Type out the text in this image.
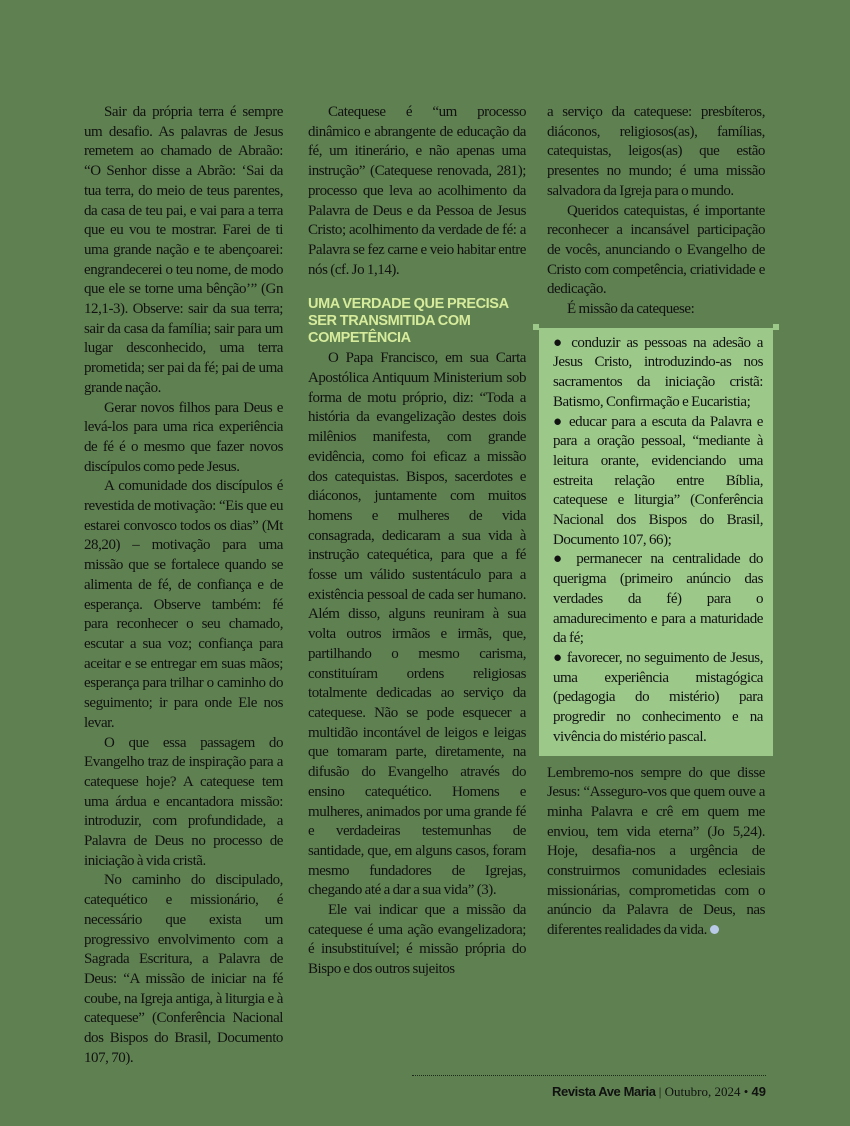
Sair da própria terra é sempre um desafio. As palavras de Jesus remetem ao chamado de Abraão: “O Senhor disse a Abrão: ‘Sai da tua terra, do meio de teus parentes, da casa de teu pai, e vai para a terra que eu vou te mostrar. Farei de ti uma grande nação e te abençoarei: engrandecerei o teu nome, de modo que ele se torne uma bênção’” (Gn 12,1-3). Observe: sair da sua terra; sair da casa da família; sair para um lugar desconhecido, uma terra prometida; ser pai da fé; pai de uma grande nação.

Gerar novos filhos para Deus e levá-los para uma rica experiência de fé é o mesmo que fazer novos discípulos como pede Jesus.

A comunidade dos discípulos é revestida de motivação: “Eis que eu estarei convosco todos os dias” (Mt 28,20) – motivação para uma missão que se fortalece quando se alimenta de fé, de confiança e de esperança. Observe também: fé para reconhecer o seu chamado, escutar a sua voz; confiança para aceitar e se entregar em suas mãos; esperança para trilhar o caminho do seguimento; ir para onde Ele nos levar.

O que essa passagem do Evangelho traz de inspiração para a catequese hoje? A catequese tem uma árdua e encantadora missão: introduzir, com profundidade, a Palavra de Deus no processo de iniciação à vida cristã.

No caminho do discipulado, catequético e missionário, é necessário que exista um progressivo envolvimento com a Sagrada Escritura, a Palavra de Deus: “A missão de iniciar na fé coube, na Igreja antiga, à liturgia e à catequese” (Conferência Nacional dos Bispos do Brasil, Documento 107, 70).

Catequese é “um processo dinâmico e abrangente de educação da fé, um itinerário, e não apenas uma instrução” (Catequese renovada, 281); processo que leva ao acolhimento da Palavra de Deus e da Pessoa de Jesus Cristo; acolhimento da verdade de fé: a Palavra se fez carne e veio habitar entre nós (cf. Jo 1,14).

UMA VERDADE QUE PRECISA SER TRANSMITIDA COM COMPETÊNCIA

O Papa Francisco, em sua Carta Apostólica Antiquum Ministerium sob forma de motu próprio, diz: “Toda a história da evangelização destes dois milênios manifesta, com grande evidência, como foi eficaz a missão dos catequistas. Bispos, sacerdotes e diáconos, juntamente com muitos homens e mulheres de vida consagrada, dedicaram a sua vida à instrução catequética, para que a fé fosse um válido sustentáculo para a existência pessoal de cada ser humano. Além disso, alguns reuniram à sua volta outros irmãos e irmãs, que, partilhando o mesmo carisma, constituíram ordens religiosas totalmente dedicadas ao serviço da catequese. Não se pode esquecer a multidão incontável de leigos e leigas que tomaram parte, diretamente, na difusão do Evangelho através do ensino catequético. Homens e mulheres, animados por uma grande fé e verdadeiras testemunhas de santidade, que, em alguns casos, foram mesmo fundadores de Igrejas, chegando até a dar a sua vida” (3).

Ele vai indicar que a missão da catequese é uma ação evangelizadora; é insubstituível; é missão própria do Bispo e dos outros sujeitos

a serviço da catequese: presbíteros, diáconos, religiosos(as), famílias, catequistas, leigos(as) que estão presentes no mundo; é uma missão salvadora da Igreja para o mundo.

Queridos catequistas, é importante reconhecer a incansável participação de vocês, anunciando o Evangelho de Cristo com competência, criatividade e dedicação.

É missão da catequese:

● conduzir as pessoas na adesão a Jesus Cristo, introduzindo-as nos sacramentos da iniciação cristã: Batismo, Confirmação e Eucaristia;

● educar para a escuta da Palavra e para a oração pessoal, “mediante à leitura orante, evidenciando uma estreita relação entre Bíblia, catequese e liturgia” (Conferência Nacional dos Bispos do Brasil, Documento 107, 66);

● permanecer na centralidade do querigma (primeiro anúncio das verdades da fé) para o amadurecimento e para a maturidade da fé;

● favorecer, no seguimento de Jesus, uma experiência mistagógica (pedagogia do mistério) para progredir no conhecimento e na vivência do mistério pascal.

Lembremo-nos sempre do que disse Jesus: “Asseguro-vos que quem ouve a minha Palavra e crê em quem me enviou, tem vida eterna” (Jo 5,24). Hoje, desafia-nos a urgência de construirmos comunidades eclesiais missionárias, comprometidas com o anúncio da Palavra de Deus, nas diferentes realidades da vida.

Revista Ave Maria | Outubro, 2024 • 49
